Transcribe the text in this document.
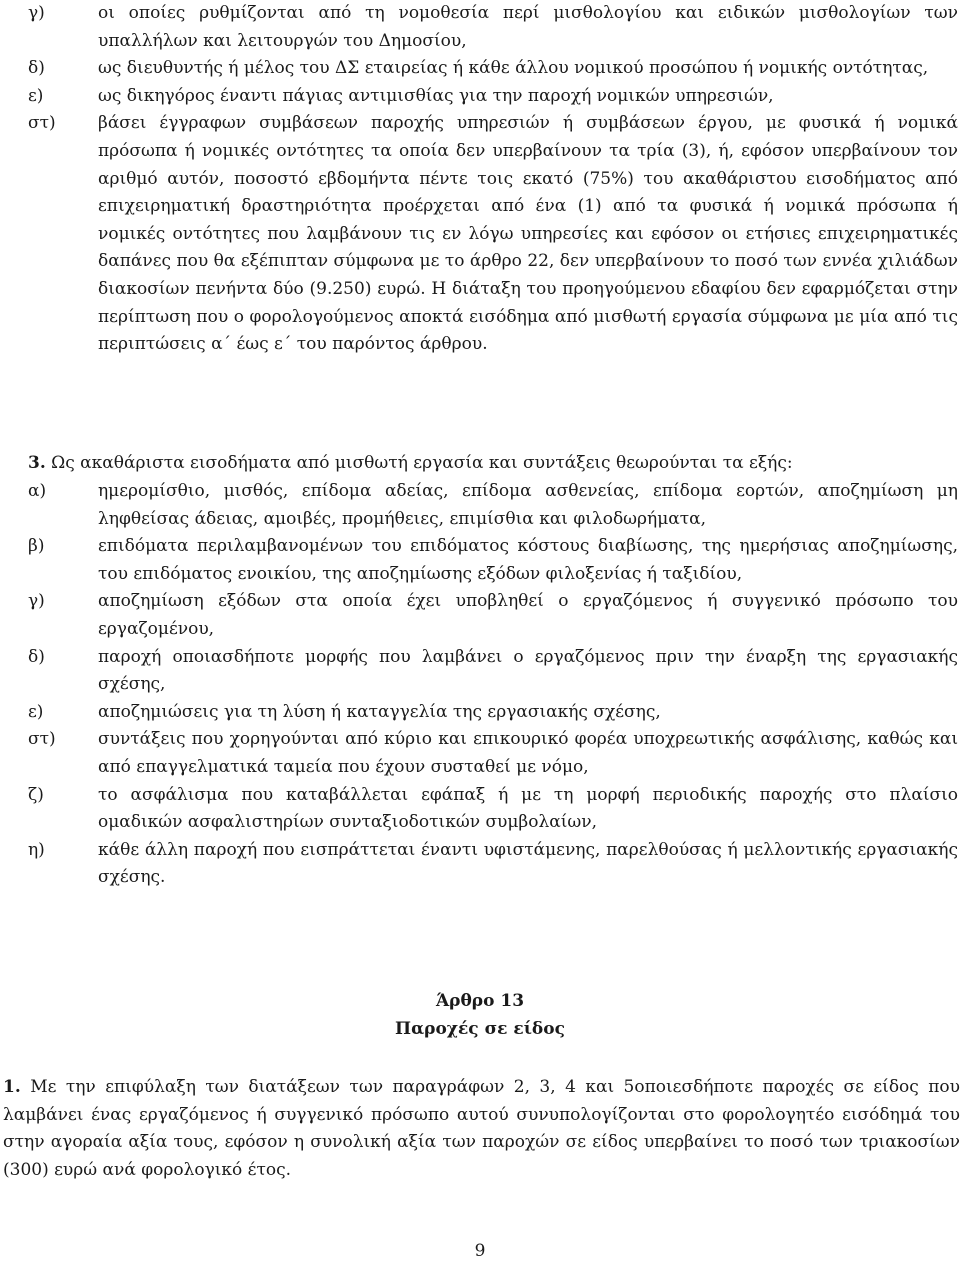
γ)	οι οποίες ρυθμίζονται από τη νομοθεσία περί μισθολογίου και ειδικών μισθολογίων των υπαλλήλων και λειτουργών του Δημοσίου,
δ)	ως διευθυντής ή μέλος του ΔΣ εταιρείας ή κάθε άλλου νομικού προσώπου ή νομικής οντότητας,
ε)	ως δικηγόρος έναντι πάγιας αντιμισθίας για την παροχή νομικών υπηρεσιών,
στ)	βάσει έγγραφων συμβάσεων παροχής υπηρεσιών ή συμβάσεων έργου, με φυσικά ή νομικά πρόσωπα ή νομικές οντότητες τα οποία δεν υπερβαίνουν τα τρία (3), ή, εφόσον υπερβαίνουν τον αριθμό αυτόν, ποσοστό εβδομήντα πέντε τοις εκατό (75%) του ακαθάριστου εισοδήματος από επιχειρηματική δραστηριότητα προέρχεται από ένα (1) από τα φυσικά ή νομικά πρόσωπα ή νομικές οντότητες που λαμβάνουν τις εν λόγω υπηρεσίες και εφόσον οι ετήσιες επιχειρηματικές δαπάνες που θα εξέπιπταν σύμφωνα με το άρθρο 22, δεν υπερβαίνουν το ποσό των εννέα χιλιάδων διακοσίων πενήντα δύο (9.250) ευρώ. Η διάταξη του προηγούμενου εδαφίου δεν εφαρμόζεται στην περίπτωση που ο φορολογούμενος αποκτά εισόδημα από μισθωτή εργασία σύμφωνα με μία από τις περιπτώσεις α΄ έως ε΄ του παρόντος άρθρου.
3. Ως ακαθάριστα εισοδήματα από μισθωτή εργασία και συντάξεις θεωρούνται τα εξής:
α)	ημερομίσθιο, μισθός, επίδομα αδείας, επίδομα ασθενείας, επίδομα εορτών, αποζημίωση μη ληφθείσας άδειας, αμοιβές, προμήθειες, επιμίσθια και φιλοδωρήματα,
β)	επιδόματα περιλαμβανομένων του επιδόματος κόστους διαβίωσης, της ημερήσιας αποζημίωσης, του επιδόματος ενοικίου, της αποζημίωσης εξόδων φιλοξενίας ή ταξιδίου,
γ)	αποζημίωση εξόδων στα οποία έχει υποβληθεί ο εργαζόμενος ή συγγενικό πρόσωπο του εργαζομένου,
δ)	παροχή οποιασδήποτε μορφής που λαμβάνει ο εργαζόμενος πριν την έναρξη της εργασιακής σχέσης,
ε)	αποζημιώσεις για τη λύση ή καταγγελία της εργασιακής σχέσης,
στ)	συντάξεις που χορηγούνται από κύριο και επικουρικό φορέα υποχρεωτικής ασφάλισης, καθώς και από επαγγελματικά ταμεία που έχουν συσταθεί με νόμο,
ζ)	το ασφάλισμα που καταβάλλεται εφάπαξ ή με τη μορφή περιοδικής παροχής στο πλαίσιο ομαδικών ασφαλιστηρίων συνταξιοδοτικών συμβολαίων,
η)	κάθε άλλη παροχή που εισπράττεται έναντι υφιστάμενης, παρελθούσας ή μελλοντικής εργασιακής σχέσης.
Άρθρο 13
Παροχές σε είδος
1. Με την επιφύλαξη των διατάξεων των παραγράφων 2, 3, 4 και 5οποιεσδήποτε παροχές σε είδος που λαμβάνει ένας εργαζόμενος ή συγγενικό πρόσωπο αυτού συνυπολογίζονται στο φορολογητέο εισόδημά του στην αγοραία αξία τους, εφόσον η συνολική αξία των παροχών σε είδος υπερβαίνει το ποσό των τριακοσίων (300) ευρώ ανά φορολογικό έτος.
9
